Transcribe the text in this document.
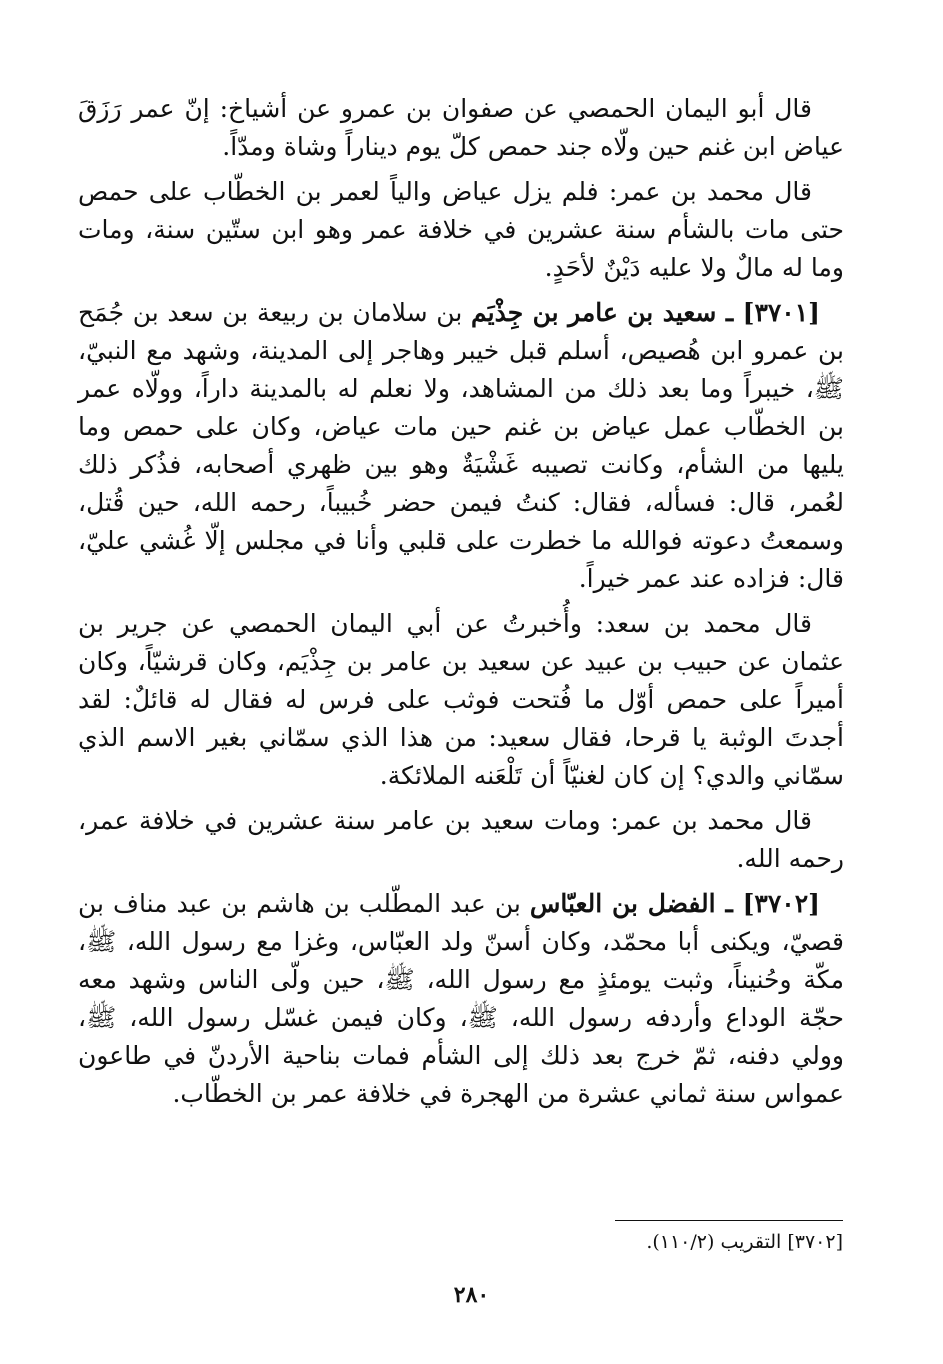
قال أبو اليمان الحمصي عن صفوان بن عمرو عن أشياخ: إنّ عمر رَزَقَ عياض ابن غنم حين ولّاه جند حمص كلّ يوم ديناراً وشاة ومدّاً.

قال محمد بن عمر: فلم يزل عياض والياً لعمر بن الخطّاب على حمص حتى مات بالشأم سنة عشرين في خلافة عمر وهو ابن ستّين سنة، ومات وما له مالٌ ولا عليه دَيْنٌ لأحَدٍ.

[٣٧٠١] ـ سعيد بن عامر بن جِذْيَم بن سلامان بن ربيعة بن سعد بن جُمَح بن عمرو ابن هُصيص، أسلم قبل خيبر وهاجر إلى المدينة، وشهد مع النبيّ، ﷺ، خيبراً وما بعد ذلك من المشاهد، ولا نعلم له بالمدينة داراً، وولّاه عمر بن الخطّاب عمل عياض بن غنم حين مات عياض، وكان على حمص وما يليها من الشأم، وكانت تصيبه غَشْيَةٌ وهو بين ظهري أصحابه، فذُكر ذلك لعُمر، قال: فسأله، فقال: كنتُ فيمن حضر خُبيباً، رحمه الله، حين قُتل، وسمعتُ دعوته فوالله ما خطرت على قلبي وأنا في مجلس إلّا غُشي عليّ، قال: فزاده عند عمر خيراً.

قال محمد بن سعد: وأُخبرتُ عن أبي اليمان الحمصي عن جرير بن عثمان عن حبيب بن عبيد عن سعيد بن عامر بن جِذْيَم، وكان قرشيّاً، وكان أميراً على حمص أوّل ما فُتحت فوثب على فرس له فقال له قائلٌ: لقد أجدتَ الوثبة يا قرحا، فقال سعيد: من هذا الذي سمّاني بغير الاسم الذي سمّاني والدي؟ إن كان لغنيّاً أن تَلْعَنه الملائكة.

قال محمد بن عمر: ومات سعيد بن عامر سنة عشرين في خلافة عمر، رحمه الله.

[٣٧٠٢] ـ الفضل بن العبّاس بن عبد المطّلب بن هاشم بن عبد مناف بن قصيّ، ويكنى أبا محمّد، وكان أسنّ ولد العبّاس، وغزا مع رسول الله، ﷺ، مكّة وحُنيناً، وثبت يومئذٍ مع رسول الله، ﷺ، حين ولّى الناس وشهد معه حجّة الوداع وأردفه رسول الله، ﷺ، وكان فيمن غسّل رسول الله، ﷺ، وولي دفنه، ثمّ خرج بعد ذلك إلى الشأم فمات بناحية الأردنّ في طاعون عمواس سنة ثماني عشرة من الهجرة في خلافة عمر بن الخطّاب.

[٣٧٠٢] التقريب (١١٠/٢).
٢٨٠
